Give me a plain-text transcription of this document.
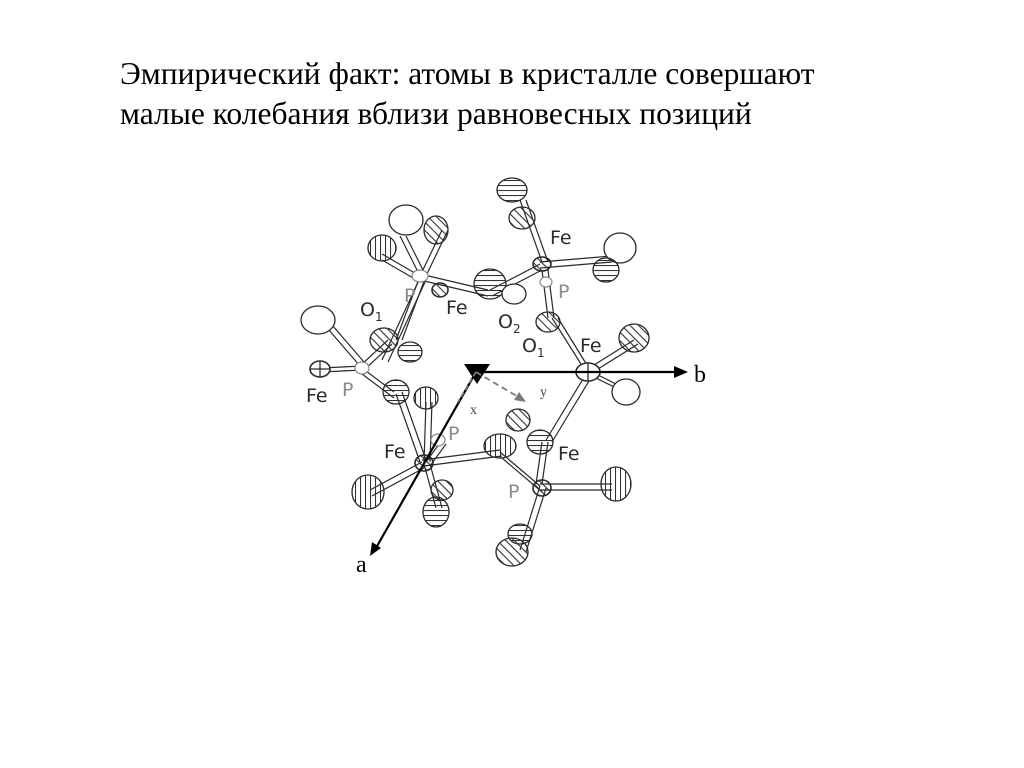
Эмпирический факт: атомы в кристалле совершают
малые колебания вблизи равновесных позиций
a
b
x
y
Fe
Fe
Fe
Fe
Fe	Fe
P	P
P
P
P
$O_1$	$O_2$
$O_1$
